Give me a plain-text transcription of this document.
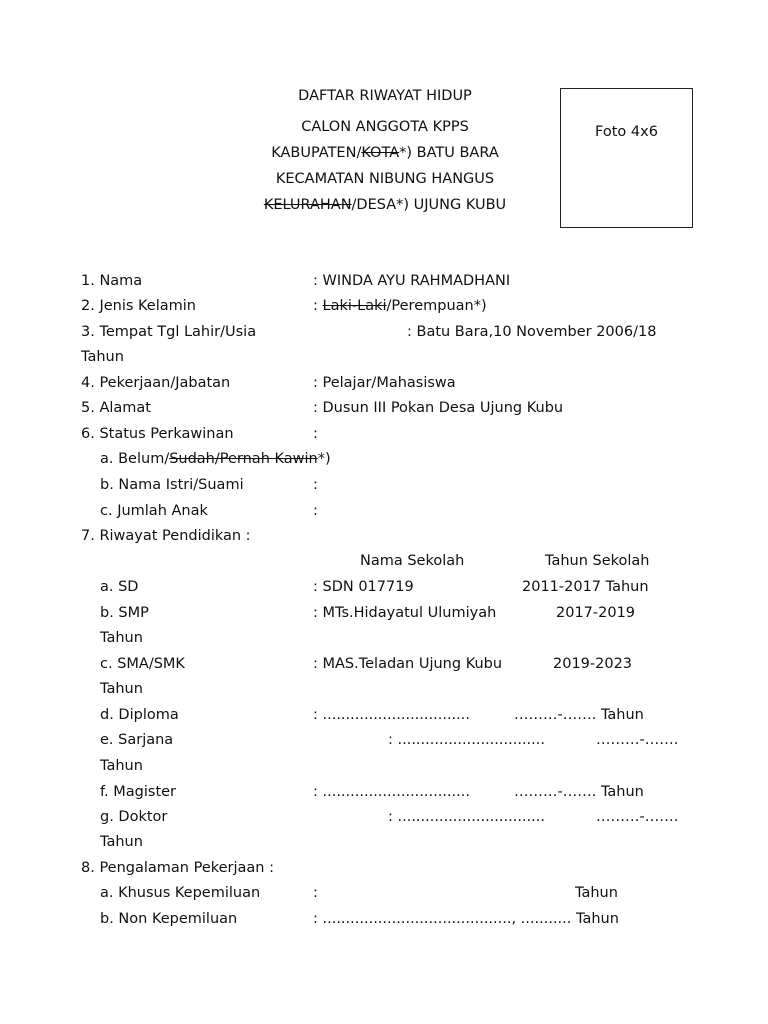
DAFTAR RIWAYAT HIDUP
CALON ANGGOTA KPPS
KABUPATEN/KOTA*) BATU BARA
KECAMATAN NIBUNG HANGUS
KELURAHAN/DESA*) UJUNG KUBU
Foto 4x6
1. Nama	: WINDA AYU RAHMADHANI
2. Jenis Kelamin	: Laki-Laki/Perempuan*)
3. Tempat Tgl Lahir/Usia	: Batu Bara,10 November 2006/18
Tahun
4. Pekerjaan/Jabatan	: Pelajar/Mahasiswa
5. Alamat	: Dusun III Pokan Desa Ujung Kubu
6. Status Perkawinan	:
a. Belum/Sudah/Pernah Kawin*)
b. Nama Istri/Suami	:
c. Jumlah Anak	:
7. Riwayat Pendidikan :
Nama Sekolah	Tahun Sekolah
a. SD	: SDN 017719	2011-2017 Tahun
b. SMP	: MTs.Hidayatul Ulumiyah	2017-2019
Tahun
c. SMA/SMK	: MAS.Teladan Ujung Kubu	2019-2023
Tahun
d. Diploma	: ................................	………-……. Tahun
e. Sarjana	: ................................	………-…….
Tahun
f. Magister	: ................................	………-……. Tahun
g. Doktor	: ................................	………-…….
Tahun
8. Pengalaman Pekerjaan :
a. Khusus Kepemiluan	:	Tahun
b. Non Kepemiluan	: ........................................., ........... Tahun
